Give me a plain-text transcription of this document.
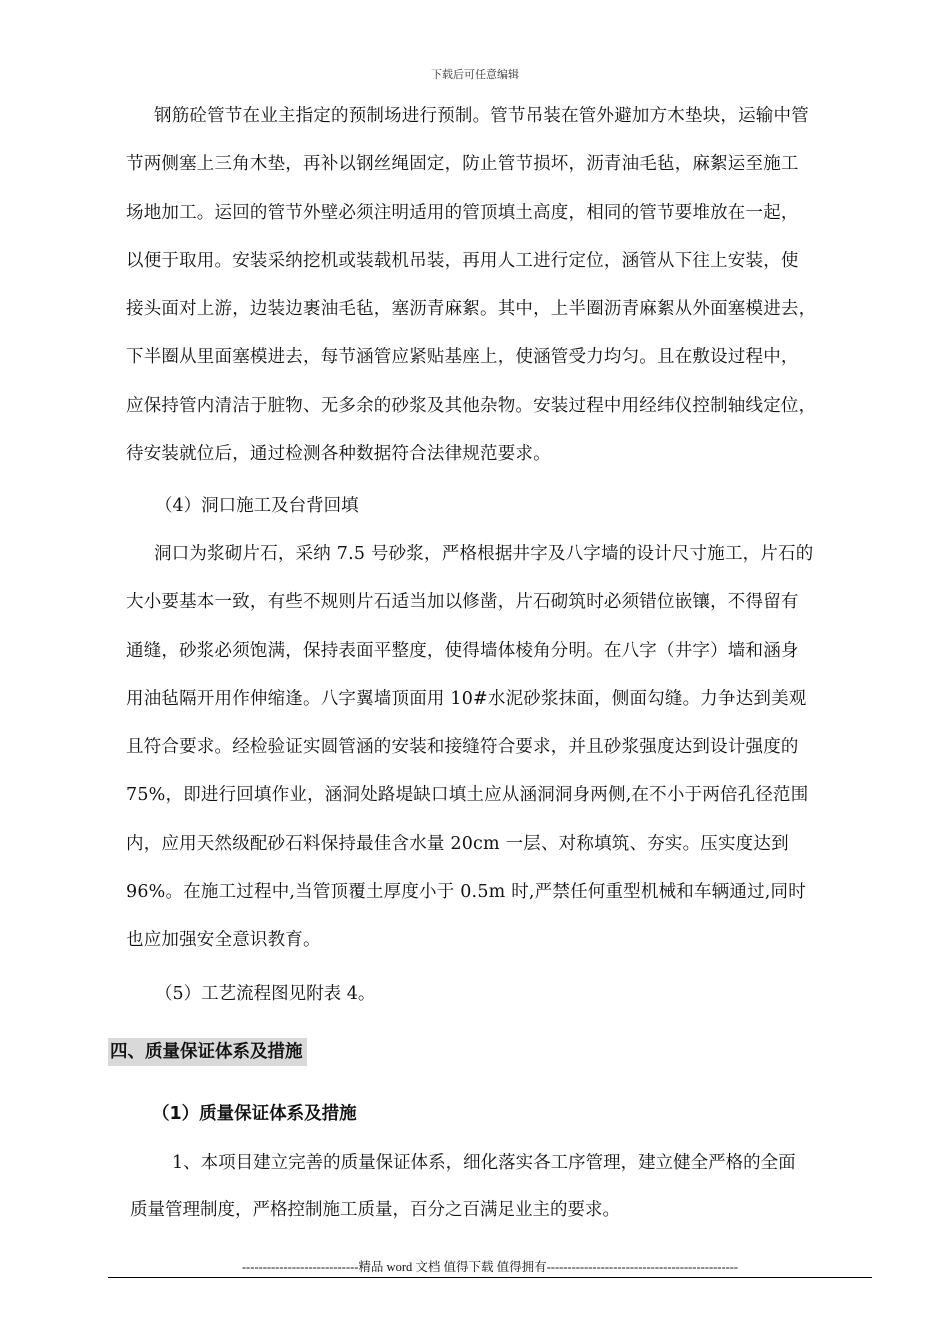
下载后可任意编辑

钢筋砼管节在业主指定的预制场进行预制。管节吊装在管外避加方木垫块，运输中管

节两侧塞上三角木垫，再补以钢丝绳固定，防止管节损坏，沥青油毛毡，麻絮运至施工

场地加工。运回的管节外壁必须注明适用的管顶填土高度，相同的管节要堆放在一起，

以便于取用。安装采纳挖机或装载机吊装，再用人工进行定位，涵管从下往上安装，使

接头面对上游，边装边裹油毛毡，塞沥青麻絮。其中，上半圈沥青麻絮从外面塞模进去，

下半圈从里面塞模进去，每节涵管应紧贴基座上，使涵管受力均匀。且在敷设过程中，

应保持管内清洁于脏物、无多余的砂浆及其他杂物。安装过程中用经纬仪控制轴线定位，

待安装就位后，通过检测各种数据符合法律规范要求。

（4）洞口施工及台背回填

洞口为浆砌片石，采纳 7.5 号砂浆，严格根据井字及八字墙的设计尺寸施工，片石的

大小要基本一致，有些不规则片石适当加以修凿，片石砌筑时必须错位嵌镶，不得留有

通缝，砂浆必须饱满，保持表面平整度，使得墙体棱角分明。在八字（井字）墙和涵身

用油毡隔开用作伸缩逢。八字翼墙顶面用 10#水泥砂浆抹面，侧面勾缝。力争达到美观

且符合要求。经检验证实圆管涵的安装和接缝符合要求，并且砂浆强度达到设计强度的

75%，即进行回填作业，涵洞处路堤缺口填土应从涵洞洞身两侧,在不小于两倍孔径范围

内，应用天然级配砂石料保持最佳含水量 20cm 一层、对称填筑、夯实。压实度达到

96%。在施工过程中,当管顶覆土厚度小于 0.5m 时,严禁任何重型机械和车辆通过,同时

也应加强安全意识教育。

（5）工艺流程图见附表 4。
四、质量保证体系及措施
（1）质量保证体系及措施
1、本项目建立完善的质量保证体系，细化落实各工序管理，建立健全严格的全面
质量管理制度，严格控制施工质量，百分之百满足业主的要求。
----------------------------精品 word 文档 值得下载 值得拥有----------------------------------------------
